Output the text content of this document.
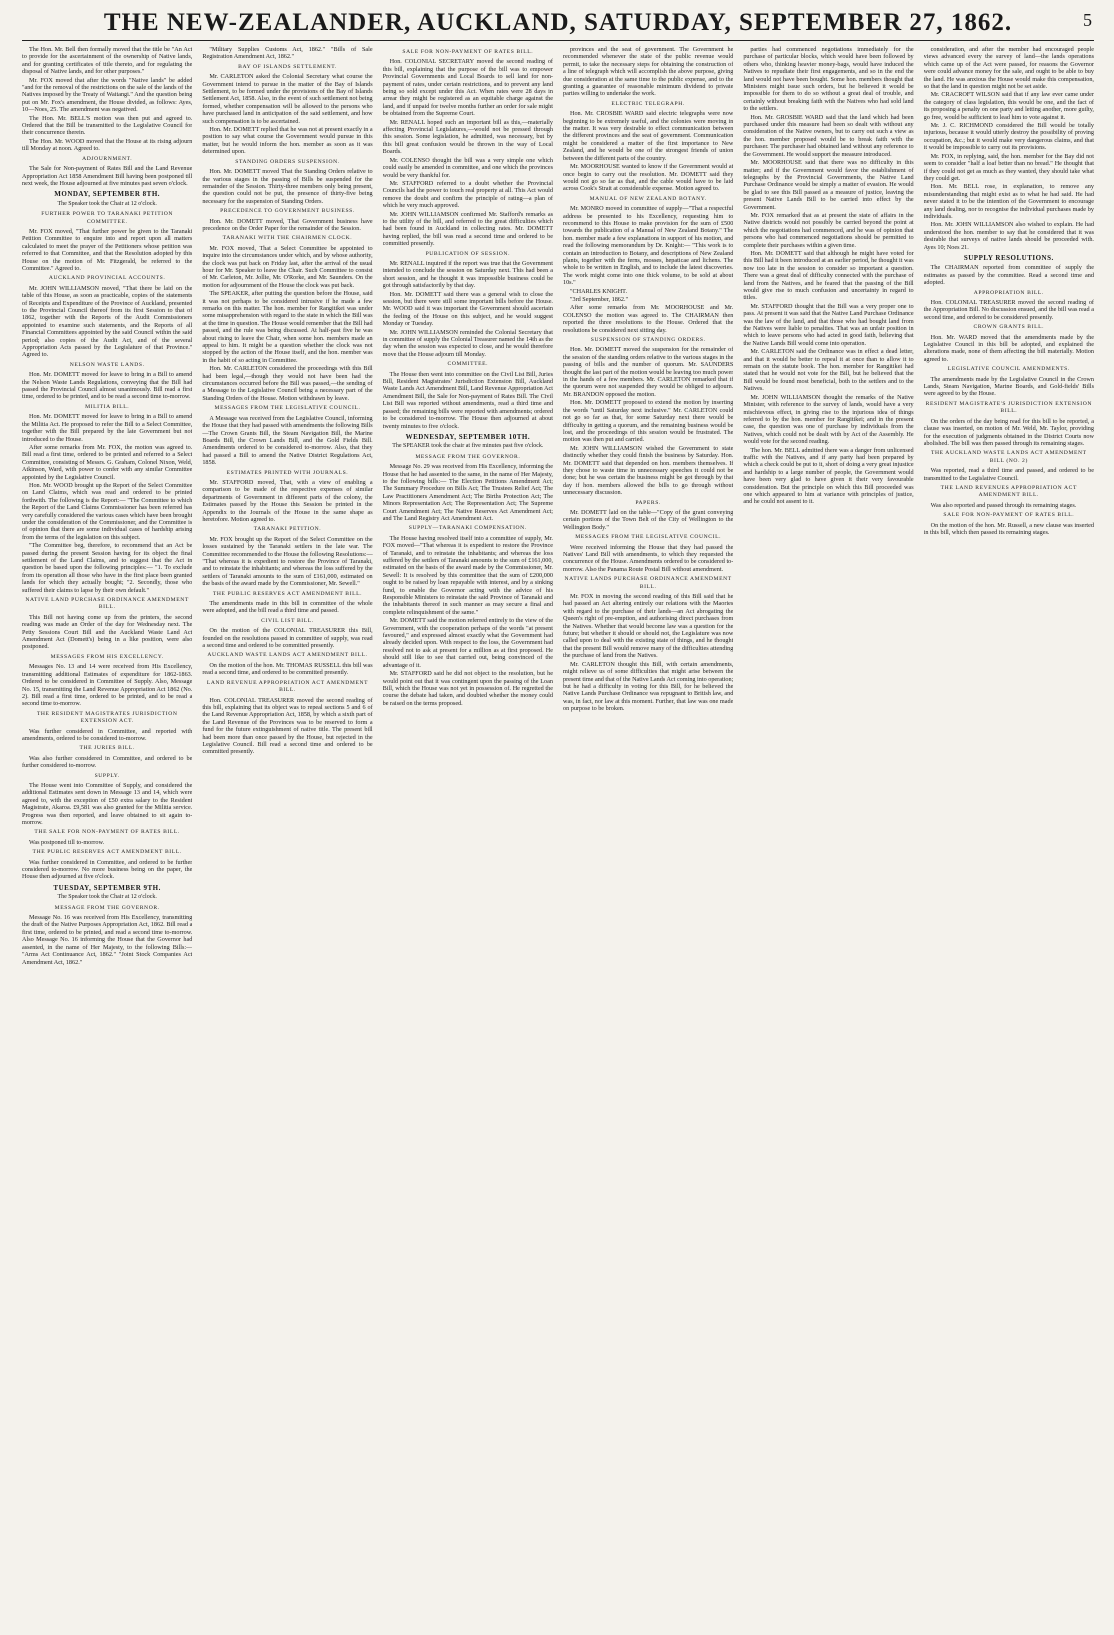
THE NEW-ZEALANDER, AUCKLAND, SATURDAY, SEPTEMBER 27, 1862.	5

The Hon. Mr. Bell then formally moved that the title be "An Act to provide for the ascertainment of the ownership of Native lands, and for granting certificates of title thereto, and for regulating the disposal of Native lands, and for other purposes."

Mr. FOX moved that after the words "Native lands" be added "and for the removal of the restrictions on the sale of the lands of the Natives imposed by the Treaty of Waitangi." And the question being put on Mr. Fox's amendment, the House divided, as follows: Ayes, 10—Noes, 25. The amendment was negatived.

The Hon. Mr. BELL'S motion was then put and agreed to. Ordered that the Bill be transmitted to the Legislative Council for their concurrence therein.

The Hon. Mr. WOOD moved that the House at its rising adjourn till Monday at noon. Agreed to.

ADJOURNMENT.

The Sale for Non-payment of Rates Bill and the Land Revenue Appropriation Act 1858 Amendment Bill having been postponed till next week, the House adjourned at five minutes past seven o'clock.

MONDAY, SEPTEMBER 8TH.
The Speaker took the Chair at 12 o'clock.
FURTHER POWER TO TARANAKI PETITION COMMITTEE.

Mr. FOX moved, "That further power be given to the Taranaki Petition Committee to enquire into and report upon all matters calculated to meet the prayer of the Petitioners whose petition was referred to that Committee, and that the Resolution adopted by this House on the motion of Mr. Fitzgerald, be referred to the Committee." Agreed to.

AUCKLAND PROVINCIAL ACCOUNTS.

Mr. JOHN WILLIAMSON moved, "That there be laid on the table of this House, as soon as practicable, copies of the statements of Receipts and Expenditure of the Province of Auckland, presented to the Provincial Council thereof from its first Session to that of 1862, together with the Reports of the Audit Commissioners appointed to examine such statements, and the Reports of all Financial Committees appointed by the said Council within the said period; also copies of the Audit Act, and of the several Appropriation Acts passed by the Legislature of that Province." Agreed to.

NELSON WASTE LANDS.

Hon. Mr. DOMETT moved for leave to bring in a Bill to amend the Nelson Waste Lands Regulations, conveying that the Bill had passed the Provincial Council almost unanimously. Bill read a first time, ordered to be printed, and to be read a second time to-morrow.

MILITIA BILL.

Hon. Mr. DOMETT moved for leave to bring in a Bill to amend the Militia Act. He proposed to refer the Bill to a Select Committee, together with the Bill prepared by the late Government but not introduced to the House.

After some remarks from Mr. FOX, the motion was agreed to. Bill read a first time, ordered to be printed and referred to a Select Committee, consisting of Messrs. G. Graham, Colonel Nixon, Weld, Atkinson, Ward, with power to confer with any similar Committee appointed by the Legislative Council.

Hon. Mr. WOOD brought up the Report of the Select Committee on Land Claims, which was read and ordered to be printed forthwith. The following is the Report:— "The Committee to which the Report of the Land Claims Commissioner has been referred has very carefully considered the various cases which have been brought under the consideration of the Commissioner, and the Committee is of opinion that there are some individual cases of hardship arising from the terms of the legislation on this subject.

"The Committee beg, therefore, to recommend that an Act be passed during the present Session having for its object the final settlement of the Land Claims, and to suggest that the Act in question be based upon the following principles:— "1. To exclude from its operation all those who have in the first place been granted lands for which they actually bought; "2. Secondly, those who suffered their claims to lapse by their own default."

NATIVE LAND PURCHASE ORDINANCE AMENDMENT BILL.

This Bill not having come up from the printers, the second reading was made an Order of the day for Wednesday next. The Petty Sessions Court Bill and the Auckland Waste Land Act Amendment Act (Domett's) being in a like position, were also postponed.

MESSAGES FROM HIS EXCELLENCY.

Messages No. 13 and 14 were received from His Excellency, transmitting additional Estimates of expenditure for 1862-1863. Ordered to be considered in Committee of Supply. Also, Message No. 15, transmitting the Land Revenue Appropriation Act 1862 (No. 2). Bill read a first time, ordered to be printed, and to be read a second time to-morrow.

THE RESIDENT MAGISTRATES JURISDICTION EXTENSION ACT.

Was further considered in Committee, and reported with amendments, ordered to be considered to-morrow.

THE JURIES BILL.

Was also further considered in Committee, and ordered to be further considered to-morrow.

SUPPLY.

The House went into Committee of Supply, and considered the additional Estimates sent down in Message 13 and 14, which were agreed to, with the exception of £50 extra salary to the Resident Magistrate, Akaroa. £9,581 was also granted for the Militia service. Progress was then reported, and leave obtained to sit again to-morrow.

THE SALE FOR NON-PAYMENT OF RATES BILL.

Was postponed till to-morrow.

THE PUBLIC RESERVES ACT AMENDMENT BILL.

Was further considered in Committee, and ordered to be further considered to-morrow. No more business being on the paper, the House then adjourned at five o'clock.

TUESDAY, SEPTEMBER 9TH.
The Speaker took the Chair at 12 o'clock.
MESSAGE FROM THE GOVERNOR.

Message No. 16 was received from His Excellency, transmitting the draft of the Native Purposes Appropriation Act, 1862. Bill read a first time, ordered to be printed, and read a second time to-morrow. Also Message No. 16 informing the House that the Governor had assented, in the name of Her Majesty, to the following Bills:— "Arms Act Continuance Act, 1862." "Joint Stock Companies Act Amendment Act, 1862."

"Military Supplies Customs Act, 1862." "Bills of Sale Registration Amendment Act, 1862."

BAY OF ISLANDS SETTLEMENT.

Mr. CARLETON asked the Colonial Secretary what course the Government intend to pursue in the matter of the Bay of Islands Settlement, to be formed under the provisions of the Bay of Islands Settlement Act, 1858. Also, in the event of such settlement not being formed, whether compensation will be allowed to the persons who have purchased land in anticipation of the said settlement, and how such compensation is to be ascertained.

Hon. Mr. DOMETT replied that he was not at present exactly in a position to say what course the Government would pursue in this matter, but he would inform the hon. member as soon as it was determined upon.

STANDING ORDERS SUSPENSION.

Hon. Mr. DOMETT moved That the Standing Orders relative to the various stages in the passing of Bills be suspended for the remainder of the Session. Thirty-three members only being present, the question could not be put, the presence of thirty-five being necessary for the suspension of Standing Orders.

PRECEDENCE TO GOVERNMENT BUSINESS.

Hon. Mr. DOMETT moved, That Government business have precedence on the Order Paper for the remainder of the Session.

TARANAKI WITH THE CHAIRMEN CLOCK.

Mr. FOX moved, That a Select Committee be appointed to inquire into the circumstances under which, and by whose authority, the clock was put back on Friday last, after the arrival of the usual hour for Mr. Speaker to leave the Chair. Such Committee to consist of Mr. Carleton, Mr. Jollie, Mr. O'Rorke, and Mr. Saunders. On the motion for adjournment of the House the clock was put back.

The SPEAKER, after putting the question before the House, said it was not perhaps to be considered intrusive if he made a few remarks on this matter. The hon. member for Rangitikei was under some misapprehension with regard to the state in which the Bill was at the time in question. The House would remember that the Bill had passed, and the rule was being discussed. At half-past five he was about rising to leave the Chair, when some hon. members made an appeal to him. It might be a question whether the clock was not stopped by the action of the House itself, and the hon. member was in the habit of so acting in Committee.

Hon. Mr. CARLETON considered the proceedings with this Bill had been legal,—though they would not have been had the circumstances occurred before the Bill was passed,—the sending of a Message to the Legislative Council being a necessary part of the Standing Orders of the House. Motion withdrawn by leave.

MESSAGES FROM THE LEGISLATIVE COUNCIL.

A Message was received from the Legislative Council, informing the House that they had passed with amendments the following Bills—The Crown Grants Bill, the Steam Navigation Bill, the Marine Boards Bill, the Crown Lands Bill, and the Gold Fields Bill. Amendments ordered to be considered to-morrow. Also, that they had passed a Bill to amend the Native District Regulations Act, 1858.

ESTIMATES PRINTED WITH JOURNALS.

Mr. STAFFORD moved, That, with a view of enabling a comparison to be made of the respective expenses of similar departments of Government in different parts of the colony, the Estimates passed by the House this Session be printed in the Appendix to the Journals of the House in the same shape as heretofore. Motion agreed to.

TARANAKI PETITION.

Mr. FOX brought up the Report of the Select Committee on the losses sustained by the Taranaki settlers in the late war. The Committee recommended to the House the following Resolutions:— "That whereas it is expedient to restore the Province of Taranaki, and to reinstate the inhabitants; and whereas the loss suffered by the settlers of Taranaki amounts to the sum of £161,000, estimated on the basis of the award made by the Commissioner, Mr. Sewell."

THE PUBLIC RESERVES ACT AMENDMENT BILL.

The amendments made in this bill in committee of the whole were adopted, and the bill read a third time and passed.

CIVIL LIST BILL.

On the motion of the COLONIAL TREASURER this Bill, founded on the resolutions passed in committee of supply, was read a second time and ordered to be committed presently.

AUCKLAND WASTE LANDS ACT AMENDMENT BILL.

On the motion of the hon. Mr. THOMAS RUSSELL this bill was read a second time, and ordered to be committed presently.

LAND REVENUE APPROPRIATION ACT AMENDMENT BILL.

Hon. COLONIAL TREASURER moved the second reading of this bill, explaining that its object was to repeal sections 5 and 6 of the Land Revenue Appropriation Act, 1858, by which a sixth part of the Land Revenue of the Provinces was to be reserved to form a fund for the future extinguishment of native title. The present bill had been more than once passed by the House, but rejected in the Legislative Council. Bill read a second time and ordered to be committed presently.

SALE FOR NON-PAYMENT OF RATES BILL.

Hon. COLONIAL SECRETARY moved the second reading of this bill, explaining that the purpose of the bill was to empower Provincial Governments and Local Boards to sell land for non-payment of rates, under certain restrictions, and to prevent any land being so sold except under this Act. When rates were 28 days in arrear they might be registered as an equitable charge against the land, and if unpaid for twelve months further an order for sale might be obtained from the Supreme Court.

Mr. RENALL hoped such an important bill as this,—materially affecting Provincial Legislatures,—would not be pressed through this session. Some legislation, he admitted, was necessary, but by this bill great confusion would be thrown in the way of Local Boards.

Mr. COLENSO thought the bill was a very simple one which could easily be amended in committee, and one which the provinces would be very thankful for.

Mr. STAFFORD referred to a doubt whether the Provincial Councils had the power to touch real property at all. This Act would remove the doubt and confirm the principle of rating—a plan of which he very much approved.

Mr. JOHN WILLIAMSON confirmed Mr. Stafford's remarks as to the utility of the bill, and referred to the great difficulties which had been found in Auckland in collecting rates. Mr. DOMETT having replied, the bill was read a second time and ordered to be committed presently.

PUBLICATION OF SESSION.

Mr. RENALL inquired if the report was true that the Government intended to conclude the session on Saturday next. This had been a short session, and he thought it was impossible business could be got through satisfactorily by that day.

Hon. Mr. DOMETT said there was a general wish to close the session, but there were still some important bills before the House. Mr. WOOD said it was important the Government should ascertain the feeling of the House on this subject, and he would suggest Monday or Tuesday.

Mr. JOHN WILLIAMSON reminded the Colonial Secretary that in committee of supply the Colonial Treasurer named the 14th as the day when the session was expected to close, and he would therefore move that the House adjourn till Monday.

COMMITTEE.

The House then went into committee on the Civil List Bill, Juries Bill, Resident Magistrates' Jurisdiction Extension Bill, Auckland Waste Lands Act Amendment Bill, Land Revenue Appropriation Act Amendment Bill, the Sale for Non-payment of Rates Bill. The Civil List Bill was reported without amendments, read a third time and passed; the remaining bills were reported with amendments; ordered to be considered to-morrow. The House then adjourned at about twenty minutes to five o'clock.

WEDNESDAY, SEPTEMBER 10TH.
The SPEAKER took the chair at five minutes past five o'clock.
MESSAGE FROM THE GOVERNOR.

Message No. 29 was received from His Excellency, informing the House that he had assented to the same, in the name of Her Majesty, to the following bills:— The Election Petitions Amendment Act; The Summary Procedure on Bills Act; The Trustees Relief Act; The Law Practitioners Amendment Act; The Births Protection Act; The Minors Representation Act; The Representation Act; The Supreme Court Amendment Act; The Native Reserves Act Amendment Act; and The Land Registry Act Amendment Act.

SUPPLY—TARANAKI COMPENSATION.

The House having resolved itself into a committee of supply, Mr. FOX moved—"That whereas it is expedient to restore the Province of Taranaki, and to reinstate the inhabitants; and whereas the loss suffered by the settlers of Taranaki amounts to the sum of £161,000, estimated on the basis of the award made by the Commissioner, Mr. Sewell: It is resolved by this committee that the sum of £200,000 ought to be raised by loan repayable with interest, and by a sinking fund, to enable the Governor acting with the advice of his Responsible Ministers to reinstate the said Province of Taranaki and the inhabitants thereof in such manner as may secure a final and complete relinquishment of the same."

Mr. DOMETT said the motion referred entirely to the view of the Government, with the cooperation perhaps of the words "at present favoured," and expressed almost exactly what the Government had already decided upon. With respect to the loss, the Government had resolved not to ask at present for a million as at first proposed. He should still like to see that carried out, being convinced of the advantage of it.

Mr. STAFFORD said he did not object to the resolution, but he would point out that it was contingent upon the passing of the Loan Bill, which the House was not yet in possession of. He regretted the course the debate had taken, and doubted whether the money could be raised on the terms proposed.

provinces and the seat of government. The Government he recommended whenever the state of the public revenue would permit, to take the necessary steps for obtaining the construction of a line of telegraph which will accomplish the above purpose, giving due consideration at the same time to the public expense, and to the granting a guarantee of reasonable minimum dividend to private parties willing to undertake the work.

ELECTRIC TELEGRAPH.

Hon. Mr. CROSBIE WARD said electric telegraphs were now beginning to be extremely useful, and the colonies were moving in the matter. It was very desirable to effect communication between the different provinces and the seat of government. Communication might be considered a matter of the first importance to New Zealand, and he would be one of the strongest friends of union between the different parts of the country.

Mr. MOORHOUSE wanted to know if the Government would at once begin to carry out the resolution. Mr. DOMETT said they would not go so far as that, and the cable would have to be laid across Cook's Strait at considerable expense. Motion agreed to.

MANUAL OF NEW ZEALAND BOTANY.

Mr. MONRO moved in committee of supply—"That a respectful address be presented to his Excellency, requesting him to recommend to this House to make provision for the sum of £500 towards the publication of a Manual of New Zealand Botany." The hon. member made a few explanations in support of his motion, and read the following memorandum by Dr. Knight:— "This work is to contain an introduction to Botany, and descriptions of New Zealand plants, together with the ferns, mosses, hepaticae and lichens. The whole to be written in English, and to include the latest discoveries. The work might come into one thick volume, to be sold at about 10s."

"CHARLES KNIGHT.

"3rd September, 1862."

After some remarks from Mr. MOORHOUSE and Mr. COLENSO the motion was agreed to. The CHAIRMAN then reported the three resolutions to the House. Ordered that the resolutions be considered next sitting day.

SUSPENSION OF STANDING ORDERS.

Hon. Mr. DOMETT moved the suspension for the remainder of the session of the standing orders relative to the various stages in the passing of bills and the number of quorum. Mr. SAUNDERS thought the last part of the motion would be leaving too much power in the hands of a few members. Mr. CARLETON remarked that if the quorum were not suspended they would be obliged to adjourn. Mr. BRANDON opposed the motion.

Hon. Mr. DOMETT proposed to extend the motion by inserting the words "until Saturday next inclusive." Mr. CARLETON could not go so far as that, for some Saturday next there would be difficulty in getting a quorum, and the remaining business would be lost, and the proceedings of this session would be frustrated. The motion was then put and carried.

Mr. JOHN WILLIAMSON wished the Government to state distinctly whether they could finish the business by Saturday. Hon. Mr. DOMETT said that depended on hon. members themselves. If they chose to waste time in unnecessary speeches it could not be done; but he was certain the business might be got through by that day if hon. members allowed the bills to go through without unnecessary discussion.

PAPERS.

Mr. DOMETT laid on the table—"Copy of the grant conveying certain portions of the Town Belt of the City of Wellington to the Wellington Body."

MESSAGES FROM THE LEGISLATIVE COUNCIL.

Were received informing the House that they had passed the Natives' Land Bill with amendments, to which they requested the concurrence of the House. Amendments ordered to be considered to-morrow. Also the Panama Route Postal Bill without amendment.

NATIVE LANDS PURCHASE ORDINANCE AMENDMENT BILL.

Mr. FOX in moving the second reading of this Bill said that he had passed an Act altering entirely our relations with the Maories with regard to the purchase of their lands—an Act abrogating the Queen's right of pre-emption, and authorising direct purchases from the Natives. Whether that would become law was a question for the future; but whether it should or should not, the Legislature was now called upon to deal with the existing state of things, and he thought that the present Bill would remove many of the difficulties attending the purchase of land from the Natives.

Mr. CARLETON thought this Bill, with certain amendments, might relieve us of some difficulties that might arise between the present time and that of the Native Lands Act coming into operation; but he had a difficulty in voting for this Bill, for he believed the Native Lands Purchase Ordinance was repugnant to British law, and was, in fact, nor law at this moment. Further, that law was one made on purpose to be broken.

parties had commenced negotiations immediately for the purchase of particular blocks, which would have been followed by others who, thinking heavier money-bags, would have induced the Natives to repudiate their first engagements, and so in the end the land would not have been bought. Some hon. members thought that Ministers might issue such orders, but he believed it would be impossible for them to do so without a great deal of trouble, and certainly without breaking faith with the Natives who had sold land to the settlers.

Hon. Mr. GROSBIE WARD said that the land which had been purchased under this measure had been so dealt with without any consideration of the Native owners, but to carry out such a view as the hon. member proposed would be to break faith with the purchaser. The purchaser had obtained land without any reference to the Government. He would support the measure introduced.

Mr. MOORHOUSE said that there was no difficulty in this matter; and if the Government would favor the establishment of telegraphs by the Provincial Governments, the Native Land Purchase Ordinance would be simply a matter of evasion. He would be glad to see this Bill passed as a measure of justice, leaving the present Native Lands Bill to be carried into effect by the Government.

Mr. FOX remarked that as at present the state of affairs in the Native districts would not possibly be carried beyond the point at which the negotiations had commenced, and he was of opinion that persons who had commenced negotiations should be permitted to complete their purchases within a given time.

Hon. Mr. DOMETT said that although he might have voted for this Bill had it been introduced at an earlier period, he thought it was now too late in the session to consider so important a question. There was a great deal of difficulty connected with the purchase of land from the Natives, and he feared that the passing of the Bill would give rise to much confusion and uncertainty in regard to titles.

Mr. STAFFORD thought that the Bill was a very proper one to pass. At present it was said that the Native Land Purchase Ordinance was the law of the land, and that those who had bought land from the Natives were liable to penalties. That was an unfair position in which to leave persons who had acted in good faith, believing that the Native Lands Bill would come into operation.

Mr. CARLETON said the Ordinance was in effect a dead letter, and that it would be better to repeal it at once than to allow it to remain on the statute book. The hon. member for Rangitikei had stated that he would not vote for the Bill, but he believed that the Bill would be found most beneficial, both to the settlers and to the Natives.

Mr. JOHN WILLIAMSON thought the remarks of the Native Minister, with reference to the survey of lands, would have a very mischievous effect, in giving rise to the injurious idea of things referred to by the hon. member for Rangitikei; and in the present case, the question was one of purchase by individuals from the Natives, which could not be dealt with by Act of the Assembly. He would vote for the second reading.

The hon. Mr. BELL admitted there was a danger from unlicensed traffic with the Natives, and if any party had been prepared by which a check could be put to it, short of doing a very great injustice and hardship to a large number of people, the Government would have been very glad to have given it their very favourable consideration. But the principle on which this Bill proceeded was one which appeared to him at variance with principles of justice, and he could not assent to it.

consideration, and after the member had encouraged people views advanced every the survey of land—the lands operations which came up of the Act were passed, for reasons the Governor were could advance money for the sale, and ought to be able to buy the land. He was anxious the House would make this compensation, so that the land in question might not be set aside.

Mr. CRACROFT WILSON said that if any law ever came under the category of class legislation, this would be one, and the fact of its proposing a penalty on one party and letting another, more guilty, go free, would be sufficient to lead him to vote against it.

Mr. J. C. RICHMOND considered the Bill would be totally injurious, because it would utterly destroy the possibility of proving occupation, &c.; but it would make very dangerous claims, and that it would be impossible to carry out its provisions.

Mr. FOX, in replying, said, the hon. member for the Bay did not seem to consider "half a loaf better than no bread." He thought that if they could not get as much as they wanted, they should take what they could get.

Hon. Mr. BELL rose, in explanation, to remove any misunderstanding that might exist as to what he had said. He had never stated it to be the intention of the Government to encourage any land dealing, nor to recognise the individual purchases made by individuals.

Hon. Mr. JOHN WILLIAMSON also wished to explain. He had understood the hon. member to say that he considered that it was desirable that surveys of native lands should be proceeded with. Ayes 10; Noes 21.

SUPPLY RESOLUTIONS.

The CHAIRMAN reported from committee of supply the estimates as passed by the committee. Read a second time and adopted.

APPROPRIATION BILL.

Hon. COLONIAL TREASURER moved the second reading of the Appropriation Bill. No discussion ensued, and the bill was read a second time, and ordered to be considered presently.

CROWN GRANTS BILL.

Hon. Mr. WARD moved that the amendments made by the Legislative Council in this bill be adopted, and explained the alterations made, none of them affecting the bill materially. Motion agreed to.

LEGISLATIVE COUNCIL AMENDMENTS.

The amendments made by the Legislative Council in the Crown Lands, Steam Navigation, Marine Boards, and Gold-fields' Bills were agreed to by the House.

RESIDENT MAGISTRATE'S JURISDICTION EXTENSION BILL.

On the orders of the day being read for this bill to be reported, a clause was inserted, on motion of Mr. Weld, Mr. Taylor, providing for the execution of judgments obtained in the District Courts now abolished. The bill was then passed through its remaining stages.

THE AUCKLAND WASTE LANDS ACT AMENDMENT BILL (NO. 2)

Was reported, read a third time and passed, and ordered to be transmitted to the Legislative Council.

THE LAND REVENUES APPROPRIATION ACT AMENDMENT BILL.

Was also reported and passed through its remaining stages.

SALE FOR NON-PAYMENT OF RATES BILL.

On the motion of the hon. Mr. Russell, a new clause was inserted in this bill, which then passed its remaining stages.
